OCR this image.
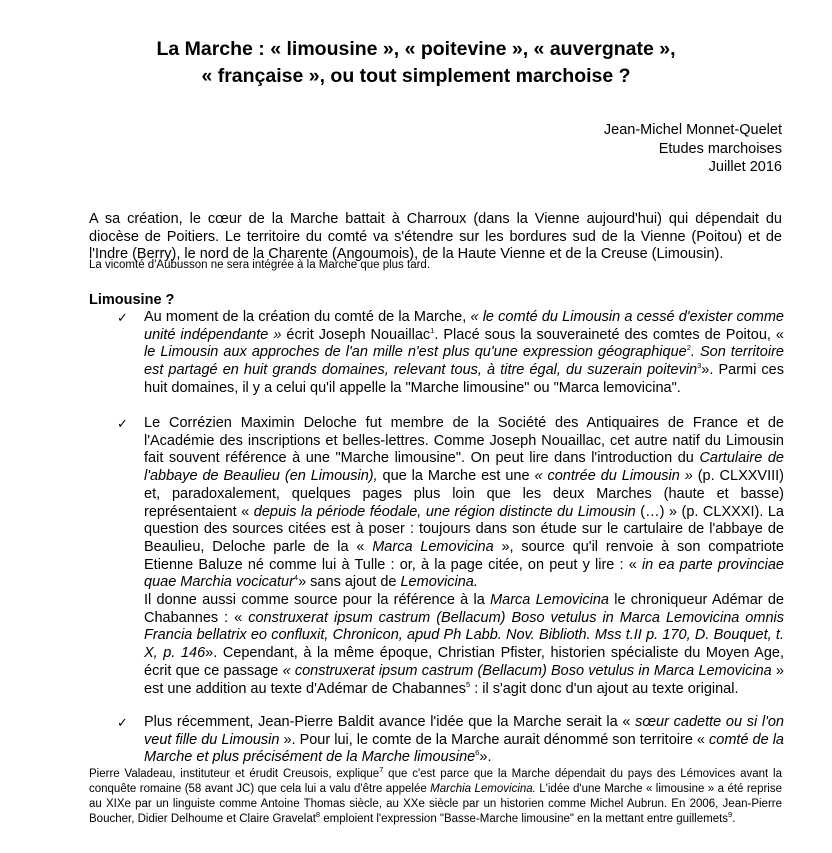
La Marche : « limousine », « poitevine », « auvergnate »,
« française », ou tout simplement marchoise ?
Jean-Michel Monnet-Quelet
Etudes marchoises
Juillet 2016
A sa création, le cœur de la Marche battait à Charroux (dans la Vienne aujourd'hui) qui dépendait du diocèse de Poitiers. Le territoire du comté va s'étendre sur les bordures sud de la Vienne (Poitou) et de l'Indre (Berry), le nord de la Charente (Angoumois), de la Haute Vienne et de la Creuse (Limousin).
La vicomté d'Aubusson ne sera intégrée à la Marche que plus tard.
Limousine ?
✓ Au moment de la création du comté de la Marche, « le comté du Limousin a cessé d'exister comme unité indépendante » écrit Joseph Nouaillac$^1$. Placé sous la souveraineté des comtes de Poitou, « le Limousin aux approches de l'an mille n'est plus qu'une expression géographique$^2$. Son territoire est partagé en huit grands domaines, relevant tous, à titre égal, du suzerain poitevin$^3$». Parmi ces huit domaines, il y a celui qu'il appelle la "Marche limousine" ou "Marca lemovicina".
✓ Le Corrézien Maximin Deloche fut membre de la Société des Antiquaires de France et de l'Académie des inscriptions et belles-lettres. Comme Joseph Nouaillac, cet autre natif du Limousin fait souvent référence à une "Marche limousine". On peut lire dans l'introduction du Cartulaire de l'abbaye de Beaulieu (en Limousin), que la Marche est une « contrée du Limousin » (p. CLXXVIII) et, paradoxalement, quelques pages plus loin que les deux Marches (haute et basse) représentaient « depuis la période féodale, une région distincte du Limousin (…) » (p. CLXXXI). La question des sources citées est à poser : toujours dans son étude sur le cartulaire de l'abbaye de Beaulieu, Deloche parle de la « Marca Lemovicina », source qu'il renvoie à son compatriote Etienne Baluze né comme lui à Tulle : or, à la page citée, on peut y lire : « in ea parte provinciae quae Marchia vocicatur$^4$» sans ajout de Lemovicina.
Il donne aussi comme source pour la référence à la Marca Lemovicina le chroniqueur Adémar de Chabannes : « construxerat ipsum castrum (Bellacum) Boso vetulus in Marca Lemovicina omnis Francia bellatrix eo confluxit, Chronicon, apud Ph Labb. Nov. Biblioth. Mss t.II p. 170, D. Bouquet, t. X, p. 146». Cependant, à la même époque, Christian Pfister, historien spécialiste du Moyen Age, écrit que ce passage « construxerat ipsum castrum (Bellacum) Boso vetulus in Marca Lemovicina » est une addition au texte d'Adémar de Chabannes$^5$ : il s'agit donc d'un ajout au texte original.
✓ Plus récemment, Jean-Pierre Baldit avance l'idée que la Marche serait la « sœur cadette ou si l'on veut fille du Limousin ». Pour lui, le comte de la Marche aurait dénommé son territoire « comté de la Marche et plus précisément de la Marche limousine$^6$».
Pierre Valadeau, instituteur et érudit Creusois, explique$^7$ que c'est parce que la Marche dépendait du pays des Lémovices avant la conquête romaine (58 avant JC) que cela lui a valu d'être appelée Marchia Lemovicina. L'idée d'une Marche « limousine » a été reprise au XIXe par un linguiste comme Antoine Thomas siècle, au XXe siècle par un historien comme Michel Aubrun. En 2006, Jean-Pierre Boucher, Didier Delhoume et Claire Gravelat$^8$ emploient l'expression "Basse-Marche limousine" en la mettant entre guillemets$^9$.
